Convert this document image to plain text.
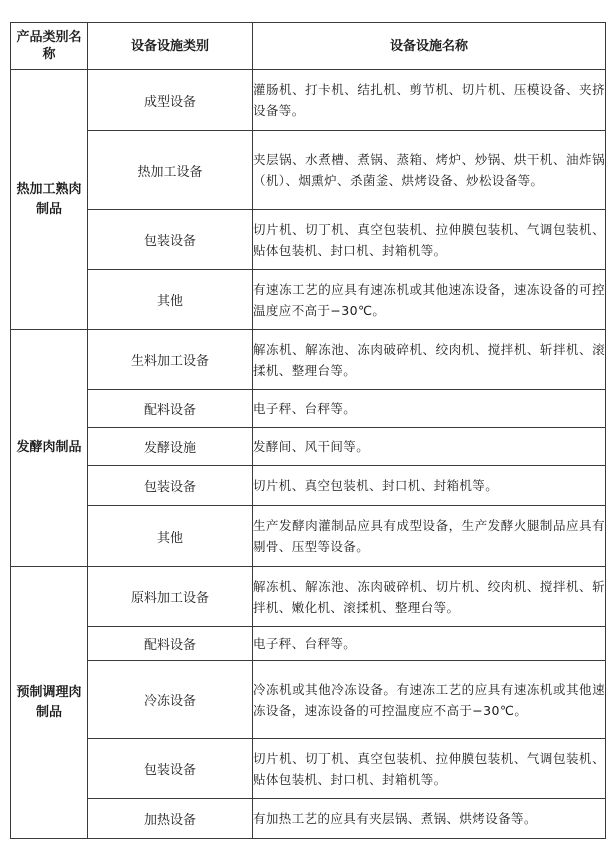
产品类别名称	设备设施类别	设备设施名称
热加工熟肉制品	成型设备	灌肠机、打卡机、结扎机、剪节机、切片机、压模设备、夹挤设备等。
	热加工设备	夹层锅、水煮槽、煮锅、蒸箱、烤炉、炒锅、烘干机、油炸锅（机）、烟熏炉、杀菌釜、烘烤设备、炒松设备等。
	包装设备	切片机、切丁机、真空包装机、拉伸膜包装机、气调包装机、贴体包装机、封口机、封箱机等。
	其他	有速冻工艺的应具有速冻机或其他速冻设备，速冻设备的可控温度应不高于−30℃。
发酵肉制品	生料加工设备	解冻机、解冻池、冻肉破碎机、绞肉机、搅拌机、斩拌机、滚揉机、整理台等。
	配料设备	电子秤、台秤等。
	发酵设施	发酵间、风干间等。
	包装设备	切片机、真空包装机、封口机、封箱机等。
	其他	生产发酵肉灌制品应具有成型设备，生产发酵火腿制品应具有剔骨、压型等设备。
预制调理肉制品	原料加工设备	解冻机、解冻池、冻肉破碎机、切片机、绞肉机、搅拌机、斩拌机、嫩化机、滚揉机、整理台等。
	配料设备	电子秤、台秤等。
	冷冻设备	冷冻机或其他冷冻设备。有速冻工艺的应具有速冻机或其他速冻设备，速冻设备的可控温度应不高于−30℃。
	包装设备	切片机、切丁机、真空包装机、拉伸膜包装机、气调包装机、贴体包装机、封口机、封箱机等。
	加热设备	有加热工艺的应具有夹层锅、煮锅、烘烤设备等。
